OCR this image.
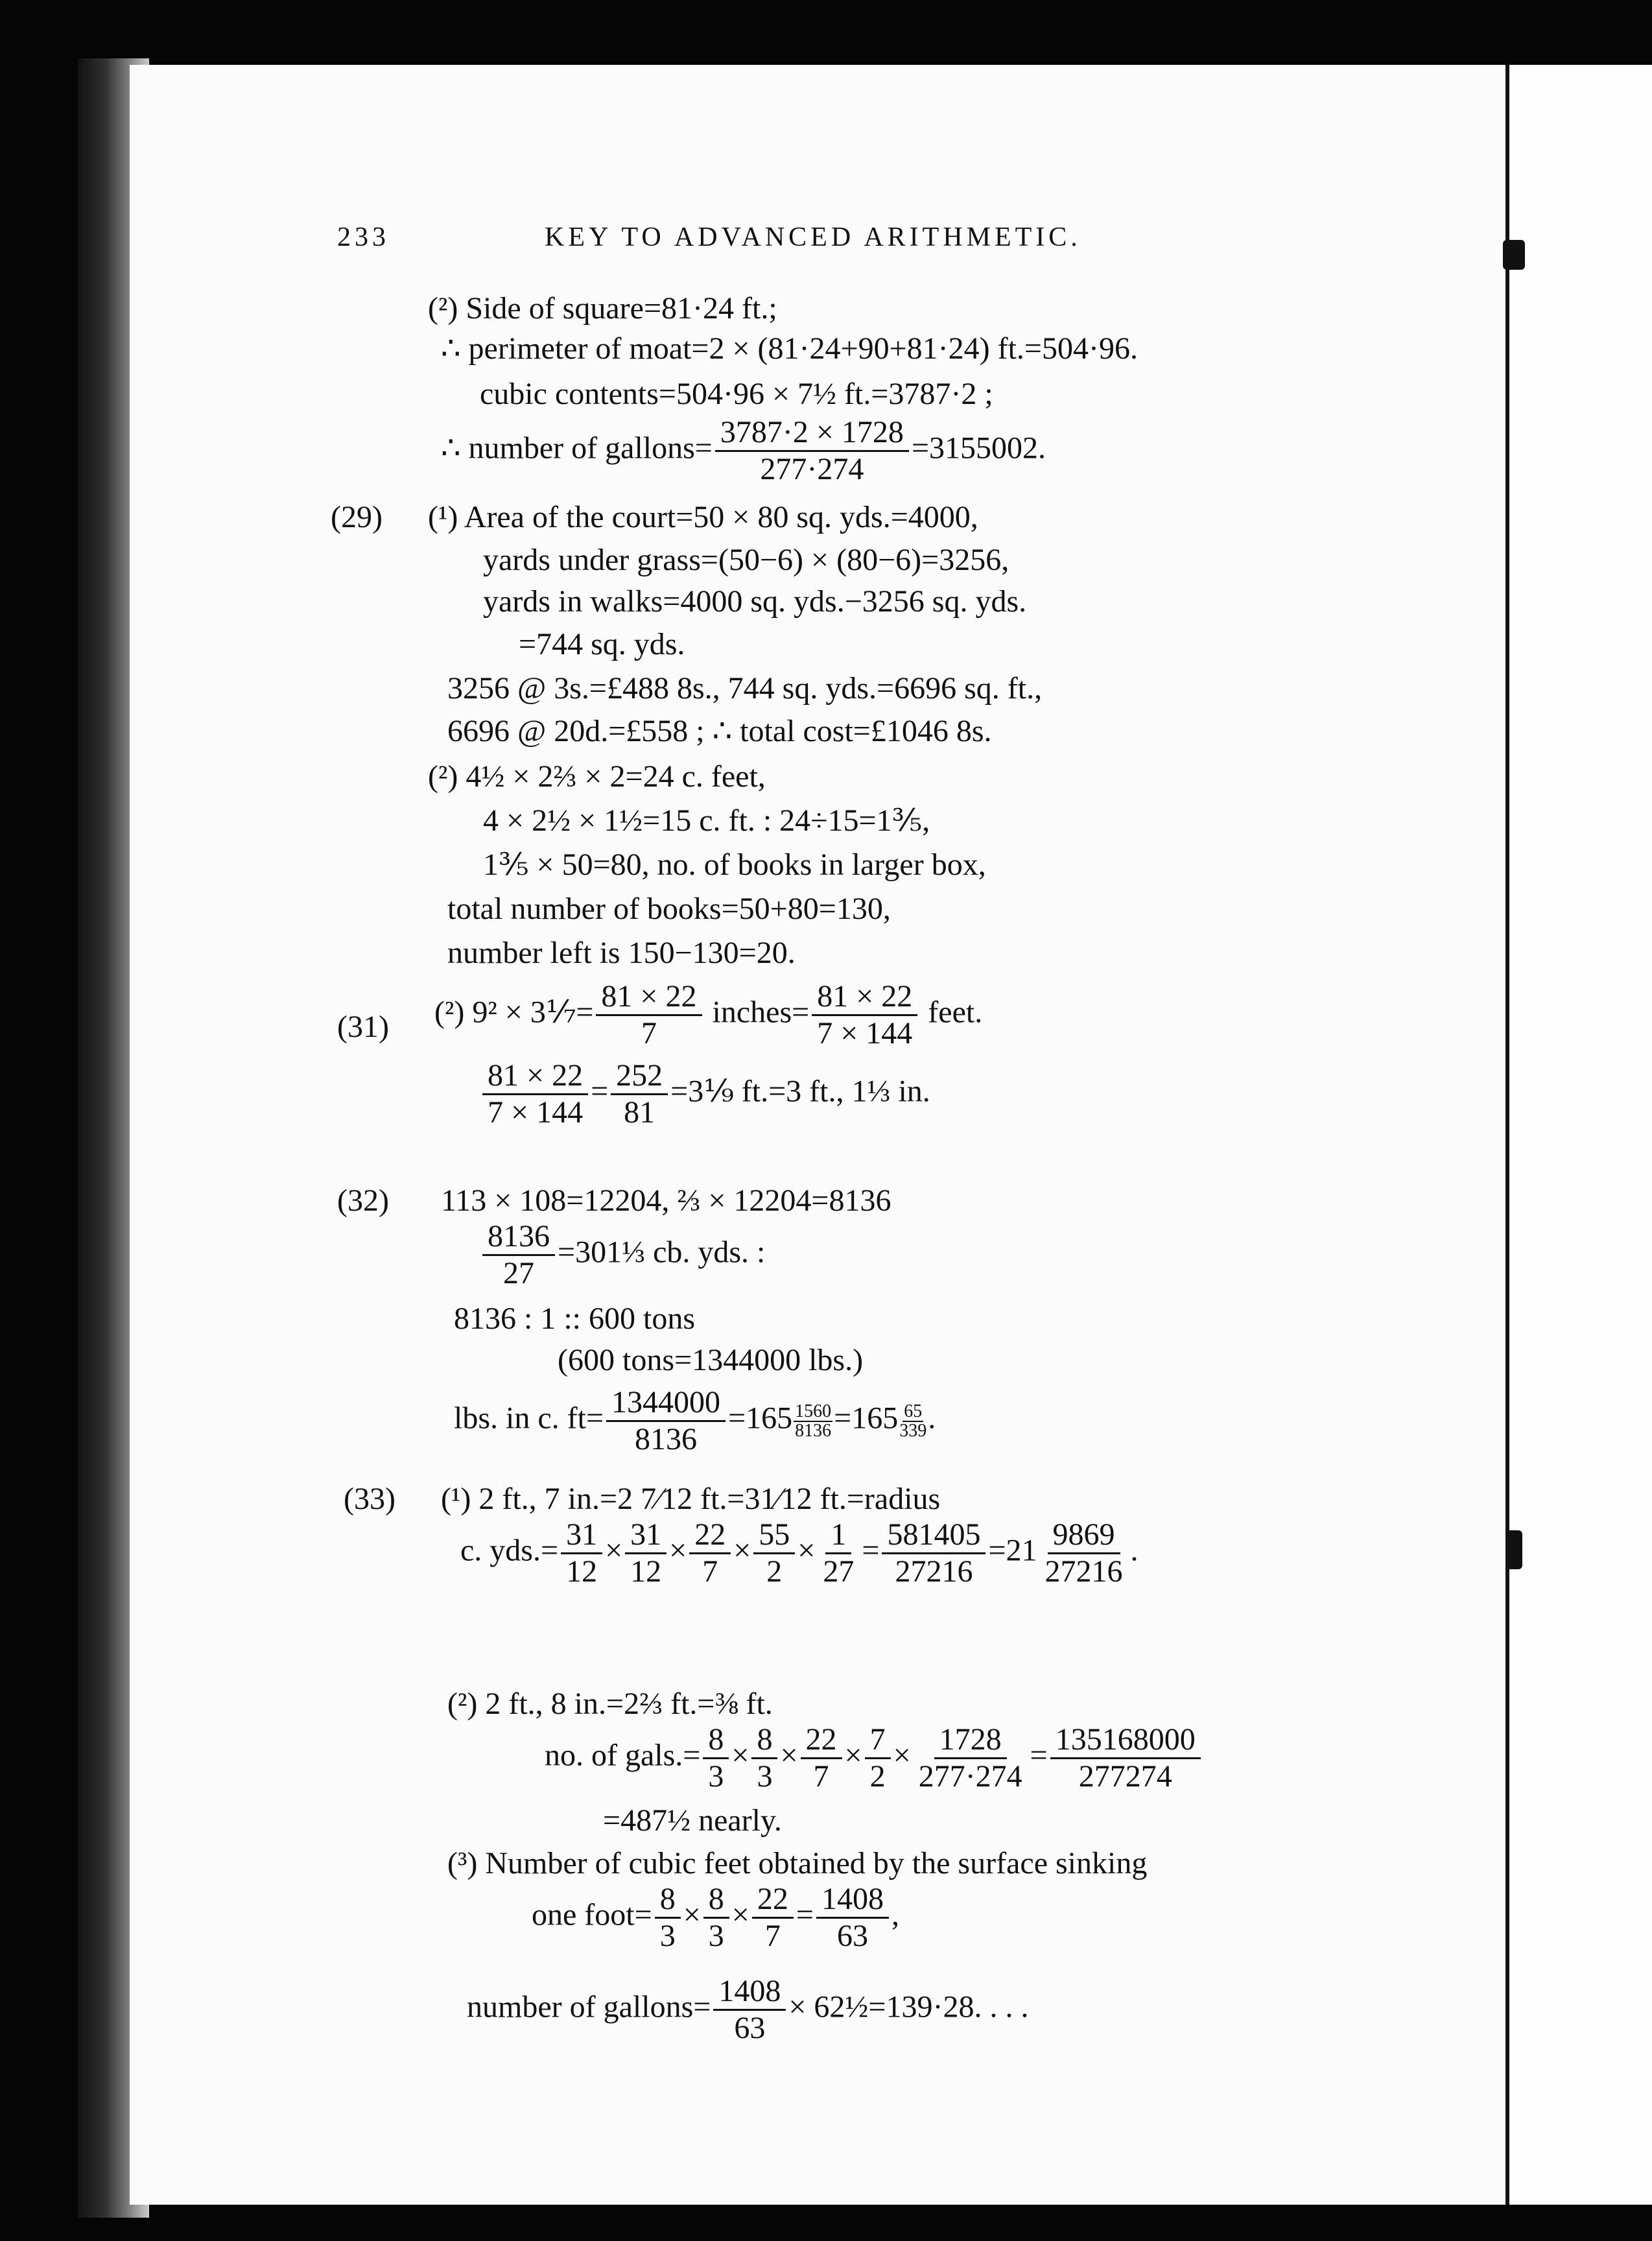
233	KEY TO ADVANCED ARITHMETIC.
(²) Side of square=81·24 ft.;
∴ perimeter of moat=2 × (81·24+90+81·24) ft.=504·96.
cubic contents=504·96 × 7½ ft.=3787·2 ;
∴ number of gallons= $\frac{3787\cdot 2 \times 1728}{277\cdot 274} =3155002$.
(29) (¹) Area of the court=50 × 80 sq. yds.=4000,
yards under grass=(50−6) × (80−6)=3256,
yards in walks=4000 sq. yds.−3256 sq. yds.
=744 sq. yds.
3256 @ 3s.=£488 8s., 744 sq. yds.=6696 sq. ft.,
6696 @ 20d.=£558 ; ∴ total cost=£1046 8s.
(²) 4½ × 2⅔ × 2=24 c. feet,
4 × 2½ × 1½=15 c. ft. : 24÷15=1⅗,
1⅗ × 50=80, no. of books in larger box,
total number of books=50+80=130,
number left is 150−130=20.
(31) (²) 9² × 3⅐= $\frac{81 \times 22}{7}$ inches= $\frac{81 \times 22}{7 \times 144}$ feet.
$\frac{81 \times 22}{7 \times 144} = \frac{252}{81}$ =3⅑ ft.=3 ft., 1⅓ in.
(32) 113 × 108=12204, ⅔ × 12204=8136
$\frac{8136}{27}$ =301⅓ cb. yds. :
8136 : 1 :: 600 tons
(600 tons=1344000 lbs.)
lbs. in c. $ft= \frac{1344000}{8136} =165 \frac{1560}{8136} =165 \frac{65}{339}$ .
(33) (¹) 2 ft., 7 in.=2 7⁄12 ft.=31⁄12 ft.=radius
c. $yds.= \frac{31}{12} \times \frac{31}{12} \times \frac{22}{7} \times \frac{55}{2} \times \frac{1}{27} = \frac{581405}{27216} =21 \frac{9869}{27216}$ .
(²) 2 ft., 8 in.=2⅔ ft.=⅜ ft.
no. of gals.= $\frac{8}{3} \times \frac{8}{3} \times \frac{22}{7} \times \frac{7}{2} \times \frac{1728}{277\cdot 274} = \frac{135168000}{277274}$
=487½ nearly.
(³) Number of cubic feet obtained by the surface sinking
one foot= $\frac{8}{3} \times \frac{8}{3} \times \frac{22}{7} = \frac{1408}{63}$ ,
number of gallons= $\frac{1408}{63}$ × 62½=139·28. . . .
